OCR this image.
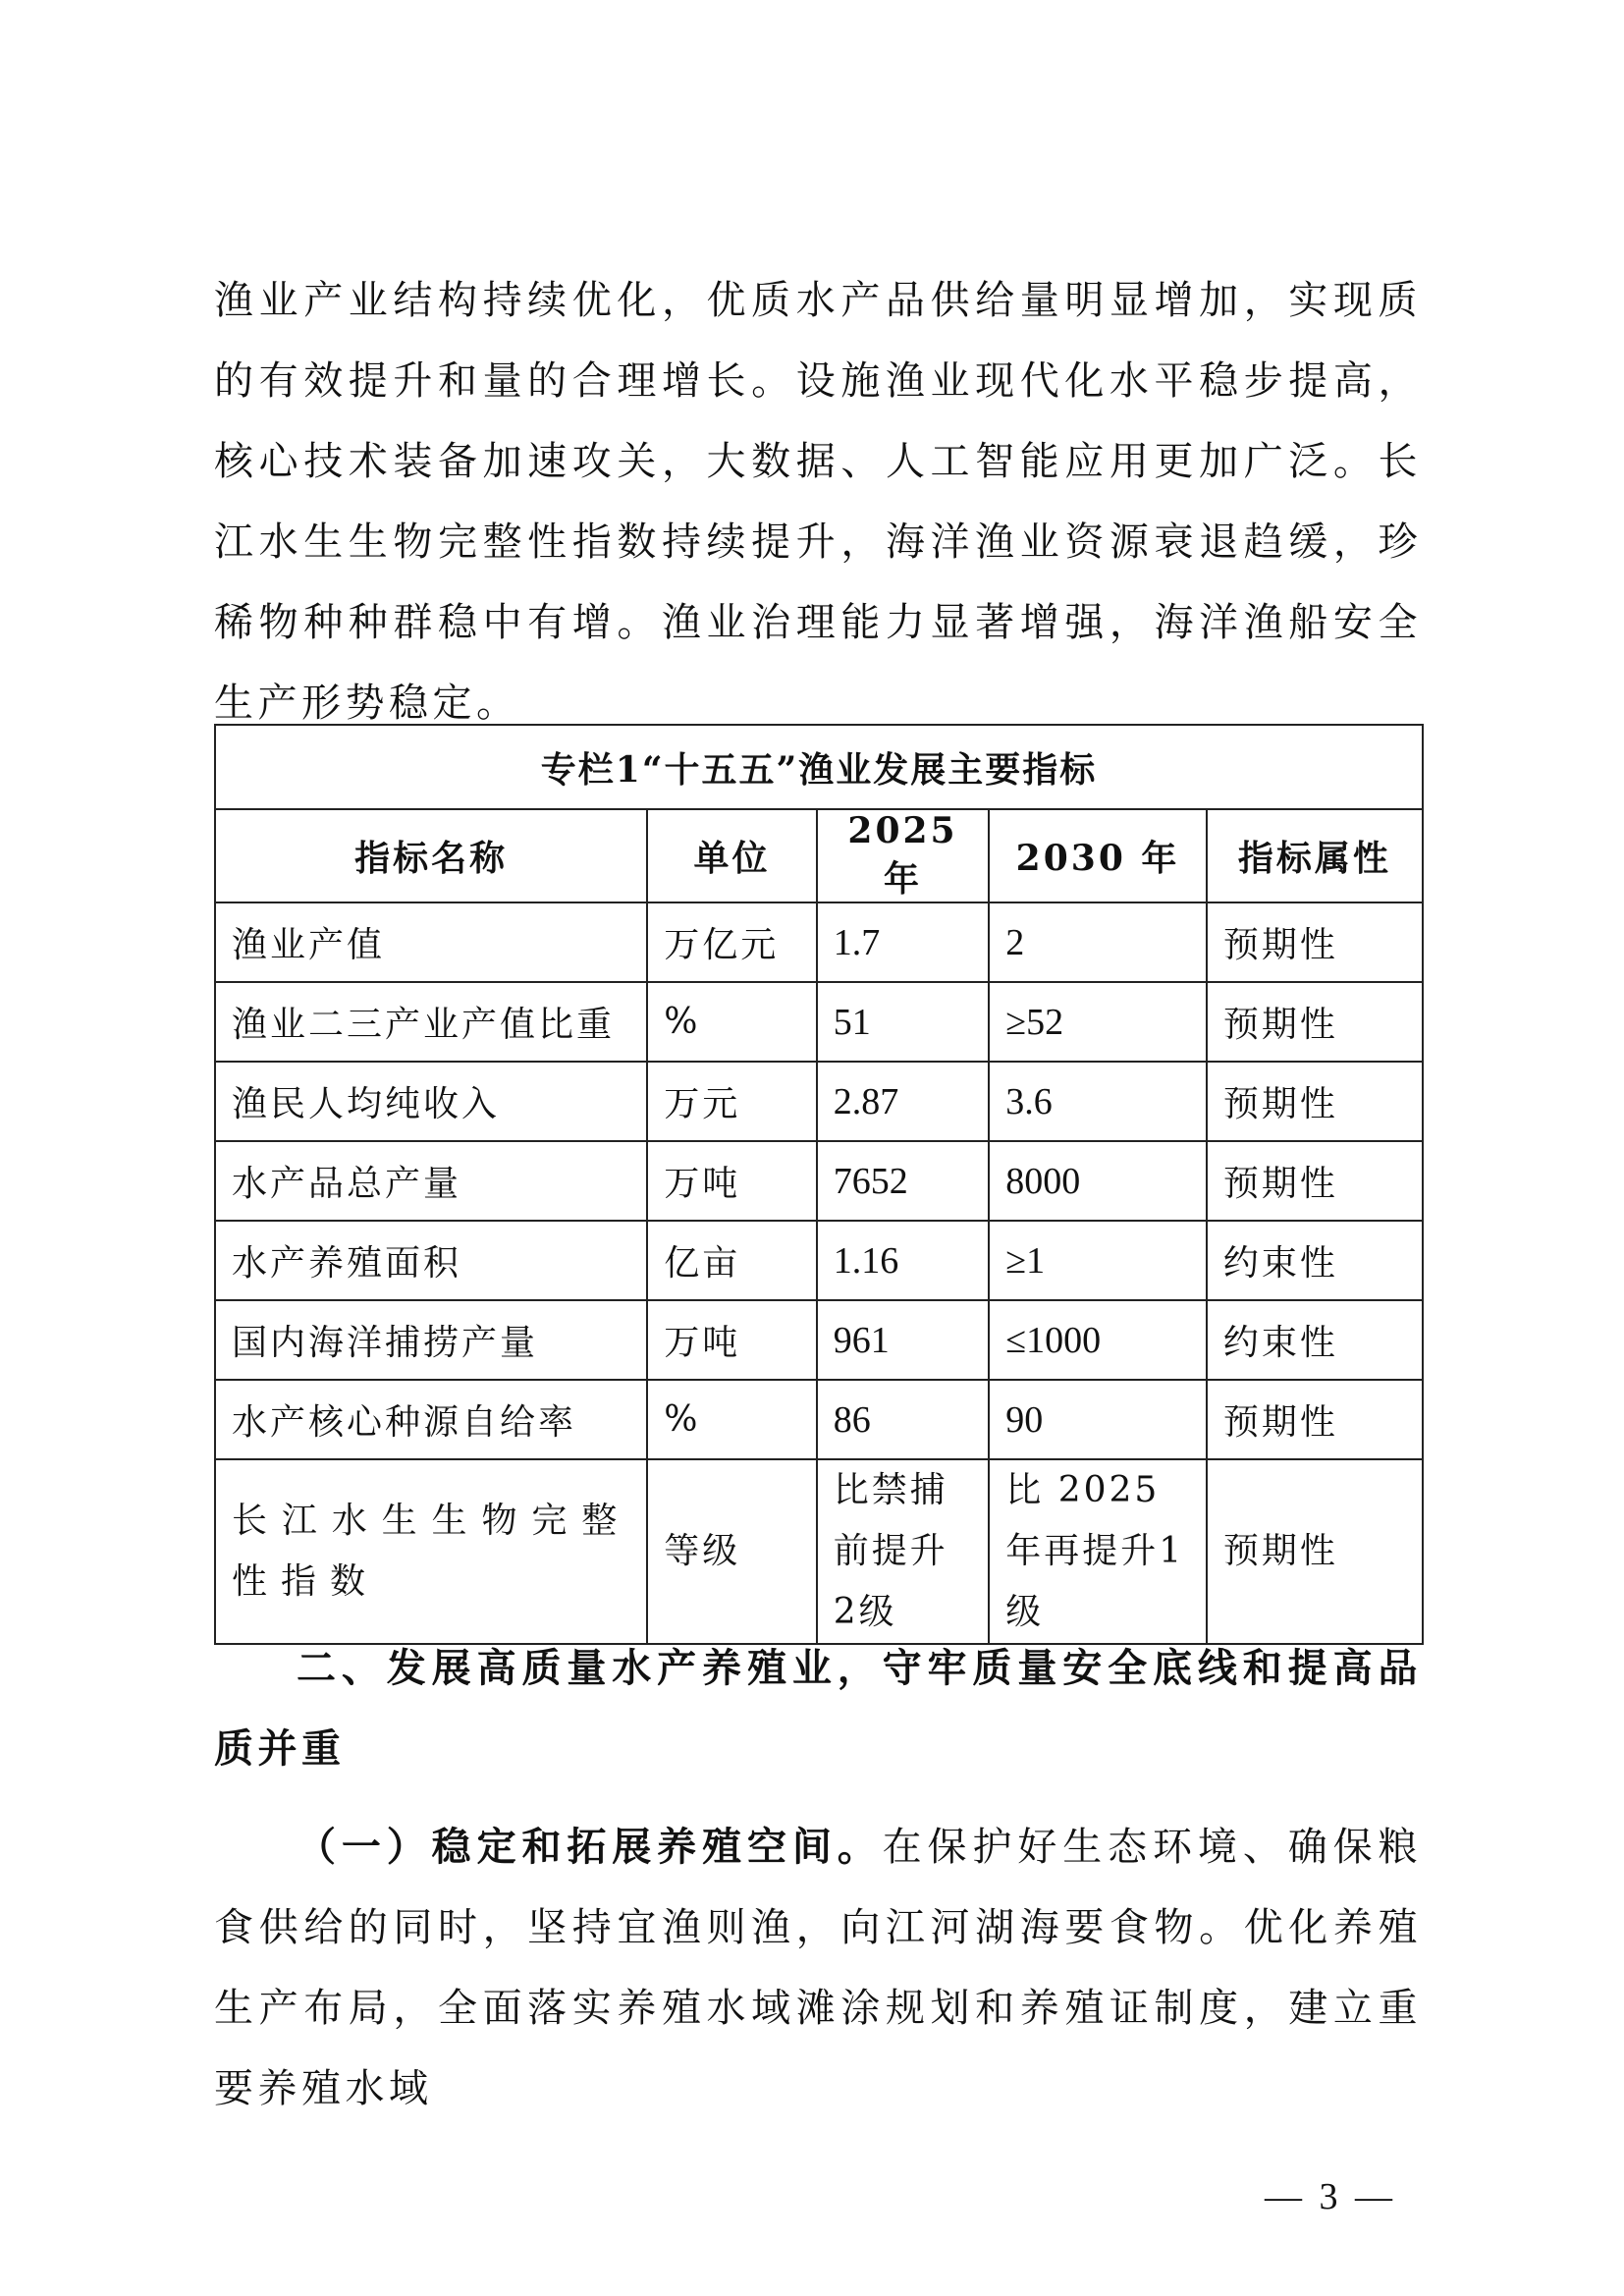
渔业产业结构持续优化，优质水产品供给量明显增加，实现质的有效提升和量的合理增长。设施渔业现代化水平稳步提高，核心技术装备加速攻关，大数据、人工智能应用更加广泛。长江水生生物完整性指数持续提升，海洋渔业资源衰退趋缓，珍稀物种种群稳中有增。渔业治理能力显著增强，海洋渔船安全生产形势稳定。

专栏1“十五五”渔业发展主要指标				
指标名称	单位	2025 年	2030 年	指标属性
渔业产值	万亿元	1.7	2	预期性
渔业二三产业产值比重	%	51	≥52	预期性
渔民人均纯收入	万元	2.87	3.6	预期性
水产品总产量	万吨	7652	8000	预期性
水产养殖面积	亿亩	1.16	≥1	约束性
国内海洋捕捞产量	万吨	961	≤1000	约束性
水产核心种源自给率	%	86	90	预期性
长江水生生物完整性指数	等级	比禁捕前提升2级	比 2025 年再提升1级	预期性

二、发展高质量水产养殖业，守牢质量安全底线和提高品质并重

（一）稳定和拓展养殖空间。在保护好生态环境、确保粮食供给的同时，坚持宜渔则渔，向江河湖海要食物。优化养殖生产布局，全面落实养殖水域滩涂规划和养殖证制度，建立重要养殖水域

— 3 —
